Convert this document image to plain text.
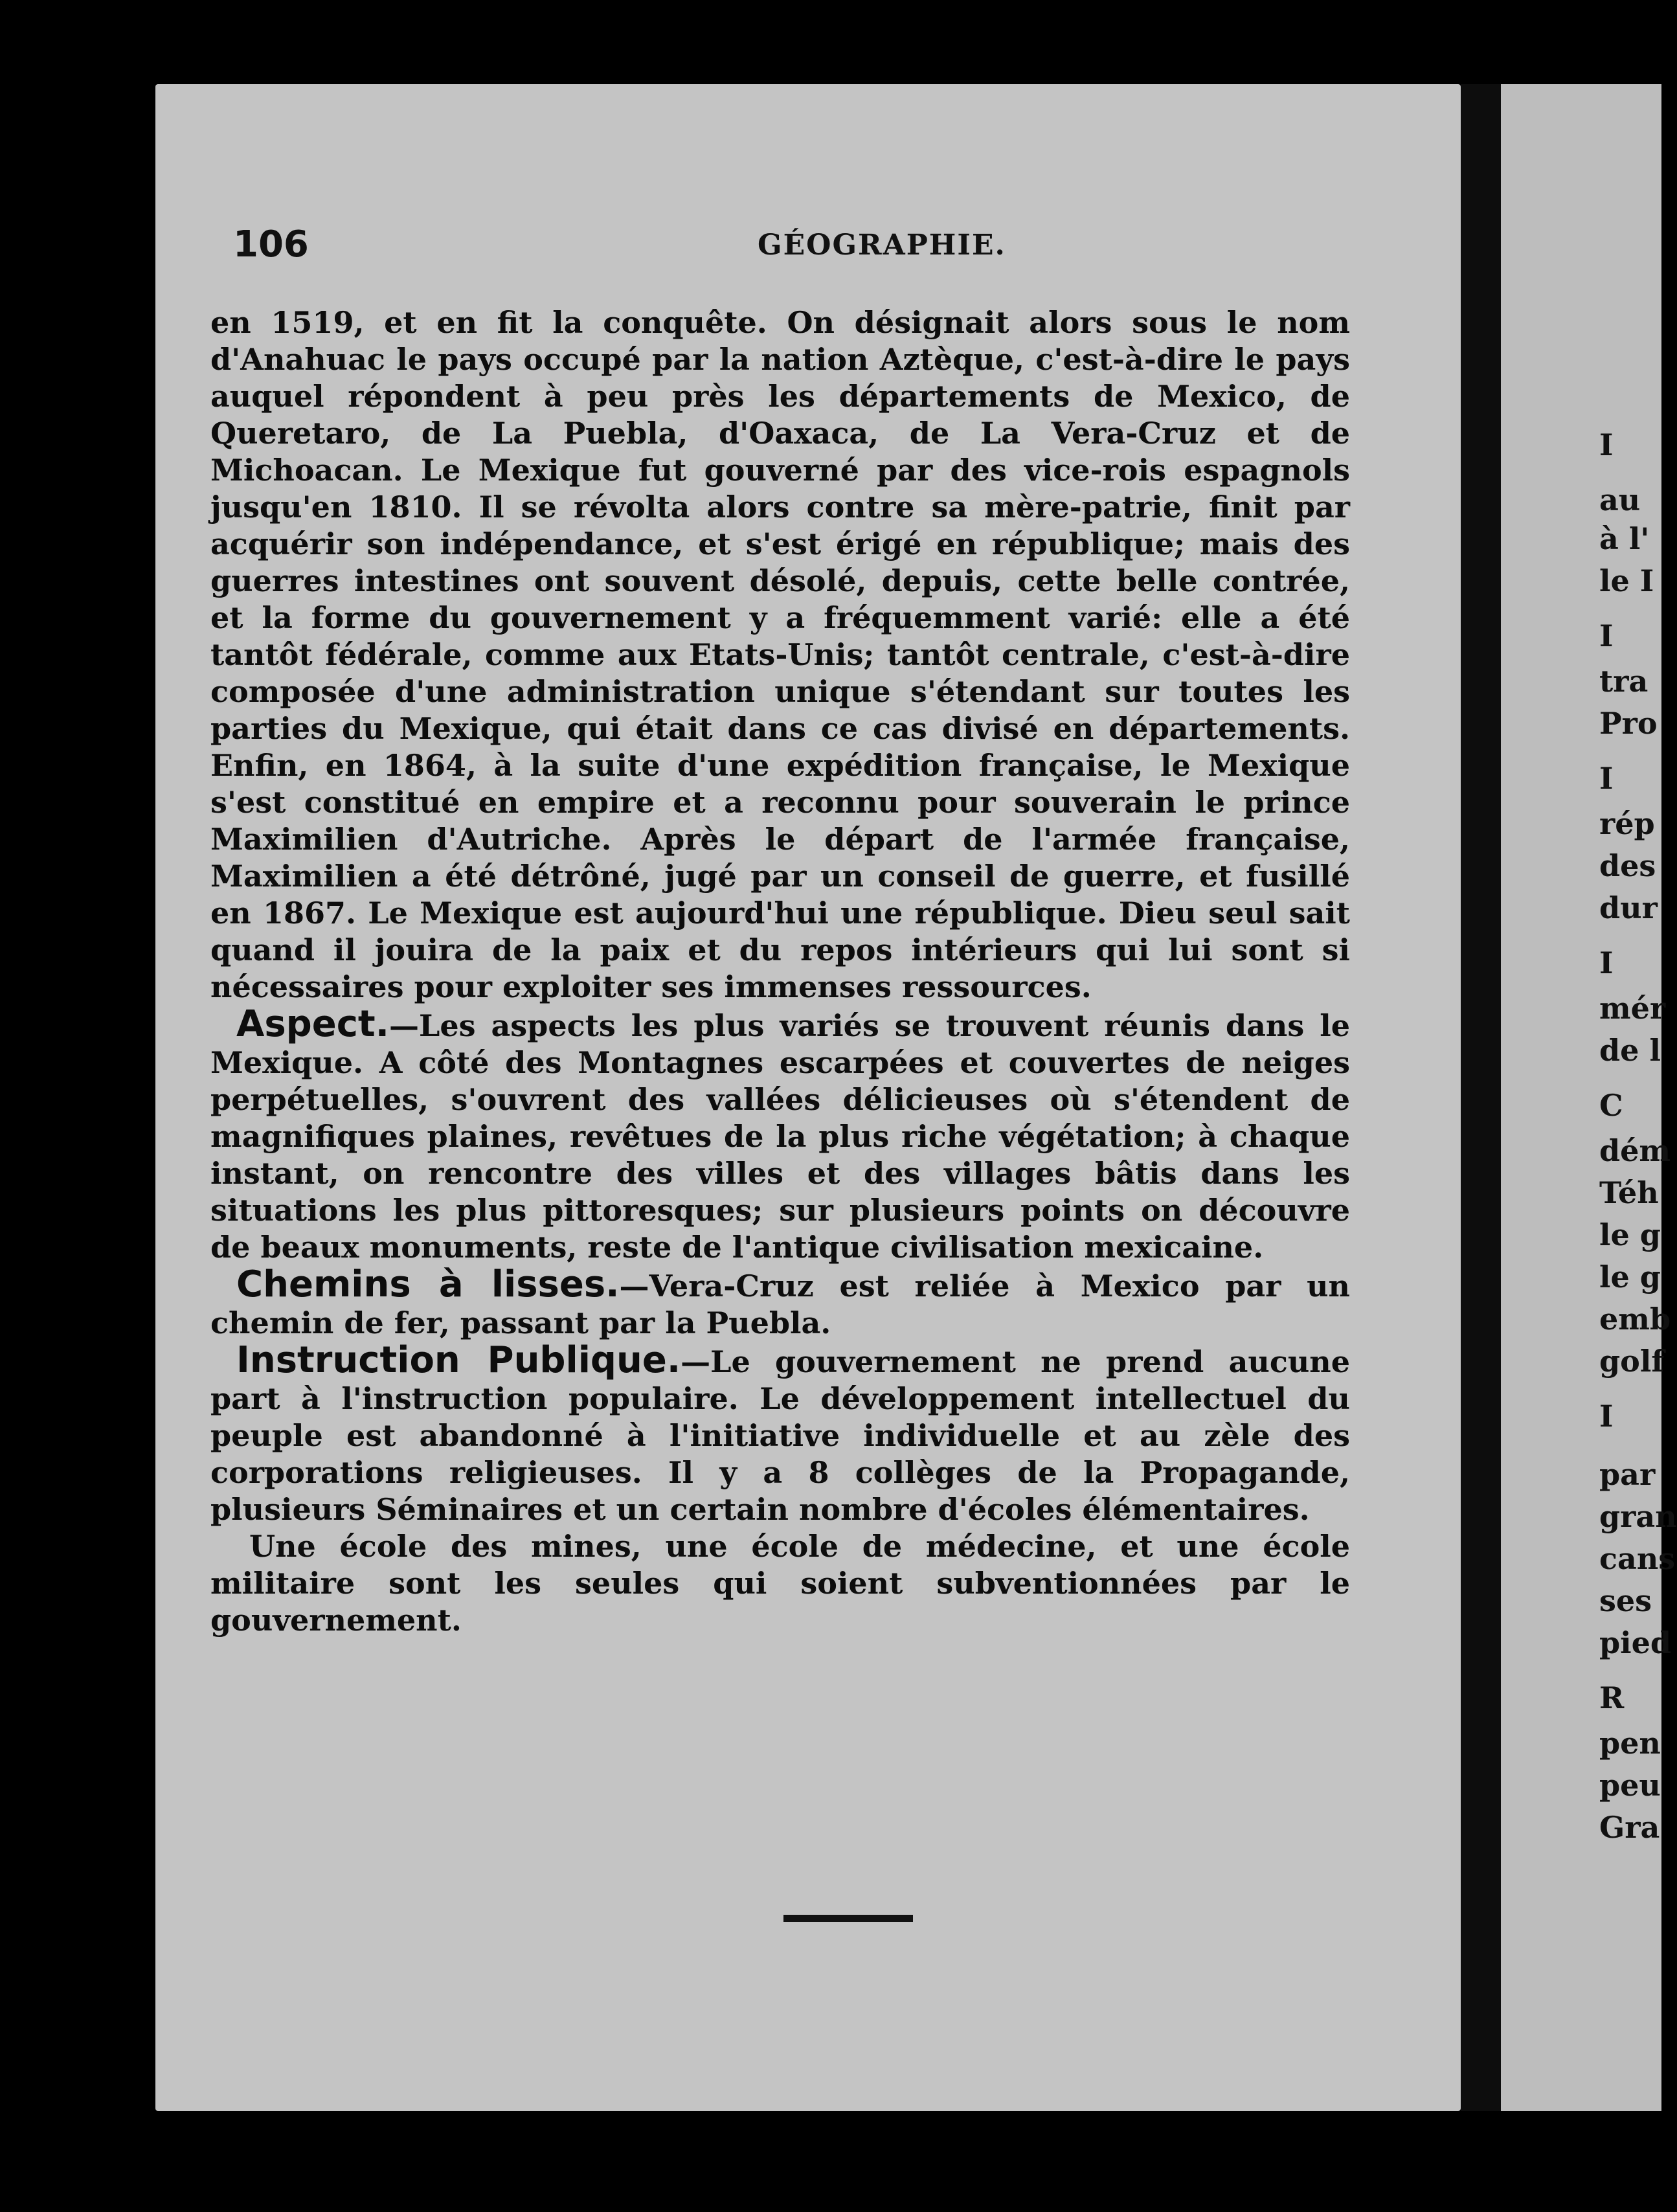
106	GÉOGRAPHIE.

en 1519, et en fit la conquête. On désignait alors sous le nom d'Anahuac le pays occupé par la nation Aztèque, c'est-à-dire le pays auquel répondent à peu près les départements de Mexico, de Queretaro, de La Puebla, d'Oaxaca, de La Vera-Cruz et de Michoacan. Le Mexique fut gouverné par des vice-rois espagnols jusqu'en 1810. Il se révolta alors contre sa mère-patrie, finit par acquérir son indépendance, et s'est érigé en république; mais des guerres intestines ont souvent désolé, depuis, cette belle contrée, et la forme du gouvernement y a fréquemment varié: elle a été tantôt fédérale, comme aux Etats-Unis; tantôt centrale, c'est-à-dire composée d'une administration unique s'étendant sur toutes les parties du Mexique, qui était dans ce cas divisé en départements. Enfin, en 1864, à la suite d'une expédition française, le Mexique s'est constitué en empire et a reconnu pour souverain le prince Maximilien d'Autriche. Après le départ de l'armée française, Maximilien a été détrôné, jugé par un conseil de guerre, et fusillé en 1867. Le Mexique est aujourd'hui une république. Dieu seul sait quand il jouira de la paix et du repos intérieurs qui lui sont si nécessaires pour exploiter ses immenses ressources.

Aspect.—Les aspects les plus variés se trouvent réunis dans le Mexique. A côté des Montagnes escarpées et couvertes de neiges perpétuelles, s'ouvrent des vallées délicieuses où s'étendent de magnifiques plaines, revêtues de la plus riche végétation; à chaque instant, on rencontre des villes et des villages bâtis dans les situations les plus pittoresques; sur plusieurs points on découvre de beaux monuments, reste de l'antique civilisation mexicaine.

Chemins à lisses.—Vera-Cruz est reliée à Mexico par un chemin de fer, passant par la Puebla.

Instruction Publique.—Le gouvernement ne prend aucune part à l'instruction populaire. Le développement intellectuel du peuple est abandonné à l'initiative individuelle et au zèle des corporations religieuses. Il y a 8 collèges de la Propagande, plusieurs Séminaires et un certain nombre d'écoles élémentaires.

Une école des mines, une école de médecine, et une école militaire sont les seules qui soient subventionnées par le gouvernement.

I
au
à l'
le I
I
tra
Pro
I
rép
des
dur
I
mér
de l
C
dém
Téh
le g
le g
emb
golf
I
par
gran
cans
ses
pied
R
pen
peu
Gra
